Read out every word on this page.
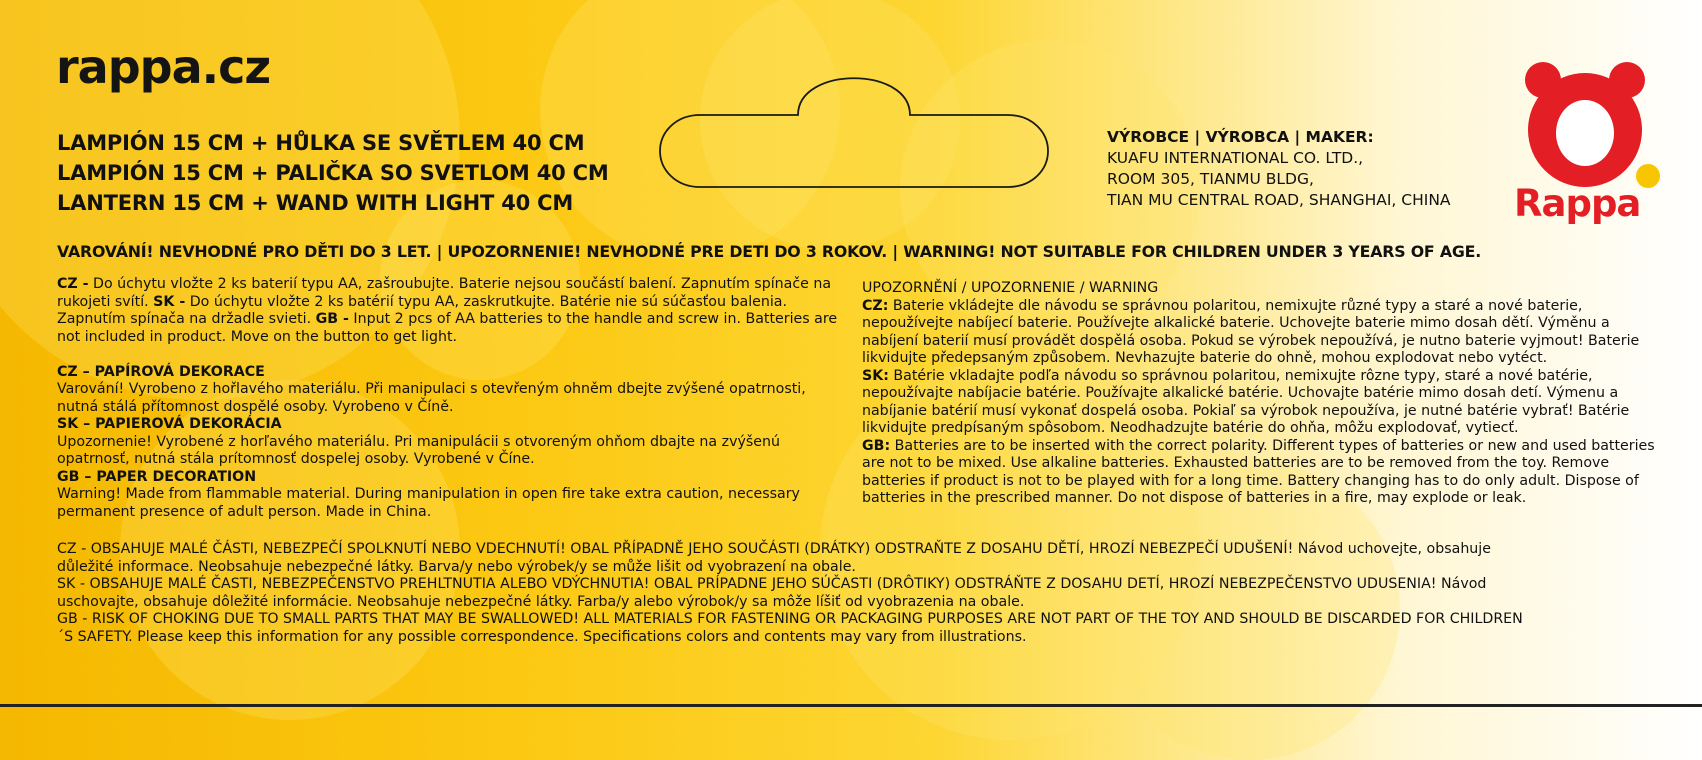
rappa.cz
LAMPIÓN 15 CM + HŮLKA SE SVĚTLEM 40 CM
LAMPIÓN 15 CM + PALIČKA SO SVETLOM 40 CM
LANTERN 15 CM + WAND WITH LIGHT 40 CM
VÝROBCE | VÝROBCA | MAKER:
KUAFU INTERNATIONAL CO. LTD.,
ROOM 305, TIANMU BLDG,
TIAN MU CENTRAL ROAD, SHANGHAI, CHINA Rappa
VAROVÁNÍ! NEVHODNÉ PRO DĚTI DO 3 LET. | UPOZORNENIE! NEVHODNÉ PRE DETI DO 3 ROKOV. | WARNING! NOT SUITABLE FOR CHILDREN UNDER 3 YEARS OF AGE.

CZ - Do úchytu vložte 2 ks baterií typu AA, zašroubujte. Baterie nejsou součástí balení. Zapnutím spínače na rukojeti svítí. SK - Do úchytu vložte 2 ks batérií typu AA, zaskrutkujte. Batérie nie sú súčasťou balenia. Zapnutím spínača na držadle svieti. GB - Input 2 pcs of AA batteries to the handle and screw in. Batteries are not included in product. Move on the button to get light.

CZ – PAPÍROVÁ DEKORACE

Varování! Vyrobeno z hořlavého materiálu. Při manipulaci s otevřeným ohněm dbejte zvýšené opatrnosti, nutná stálá přítomnost dospělé osoby. Vyrobeno v Číně.

SK – PAPIEROVÁ DEKORÁCIA

Upozornenie! Vyrobené z horľavého materiálu. Pri manipulácii s otvoreným ohňom dbajte na zvýšenú opatrnosť, nutná stála prítomnosť dospelej osoby. Vyrobené v Číne.

GB – PAPER DECORATION

Warning! Made from flammable material. During manipulation in open fire take extra caution, necessary permanent presence of adult person. Made in China.

UPOZORNĚNÍ / UPOZORNENIE / WARNING

CZ: Baterie vkládejte dle návodu se správnou polaritou, nemixujte různé typy a staré a nové baterie, nepoužívejte nabíjecí baterie. Používejte alkalické baterie. Uchovejte baterie mimo dosah dětí. Výměnu a nabíjení baterií musí provádět dospělá osoba. Pokud se výrobek nepoužívá, je nutno baterie vyjmout! Baterie likvidujte předepsaným způsobem. Nevhazujte baterie do ohně, mohou explodovat nebo vytéct.

SK: Batérie vkladajte podľa návodu so správnou polaritou, nemixujte rôzne typy, staré a nové batérie, nepoužívajte nabíjacie batérie. Používajte alkalické batérie. Uchovajte batérie mimo dosah detí. Výmenu a nabíjanie batérií musí vykonať dospelá osoba. Pokiaľ sa výrobok nepoužíva, je nutné batérie vybrať! Batérie likvidujte predpísaným spôsobom. Neodhadzujte batérie do ohňa, môžu explodovať, vytiecť.

GB: Batteries are to be inserted with the correct polarity. Different types of batteries or new and used batteries are not to be mixed. Use alkaline batteries. Exhausted batteries are to be removed from the toy. Remove batteries if product is not to be played with for a long time. Battery changing has to do only adult. Dispose of batteries in the prescribed manner. Do not dispose of batteries in a fire, may explode or leak.

CZ - OBSAHUJE MALÉ ČÁSTI, NEBEZPEČÍ SPOLKNUTÍ NEBO VDECHNUTÍ! OBAL PŘÍPADNĚ JEHO SOUČÁSTI (DRÁTKY) ODSTRAŇTE Z DOSAHU DĚTÍ, HROZÍ NEBEZPEČÍ UDUŠENÍ! Návod uchovejte, obsahuje důležité informace. Neobsahuje nebezpečné látky. Barva/y nebo výrobek/y se může lišit od vyobrazení na obale.

SK - OBSAHUJE MALÉ ČASTI, NEBEZPEČENSTVO PREHLTNUTIA ALEBO VDÝCHNUTIA! OBAL PRÍPADNE JEHO SÚČASTI (DRÔTIKY) ODSTRÁŇTE Z DOSAHU DETÍ, HROZÍ NEBEZPEČENSTVO UDUSENIA! Návod uschovajte, obsahuje dôležité informácie. Neobsahuje nebezpečné látky. Farba/y alebo výrobok/y sa môže líšiť od vyobrazenia na obale.

GB - RISK OF CHOKING DUE TO SMALL PARTS THAT MAY BE SWALLOWED! ALL MATERIALS FOR FASTENING OR PACKAGING PURPOSES ARE NOT PART OF THE TOY AND SHOULD BE DISCARDED FOR CHILDREN´S SAFETY. Please keep this information for any possible correspondence. Specifications colors and contents may vary from illustrations.
